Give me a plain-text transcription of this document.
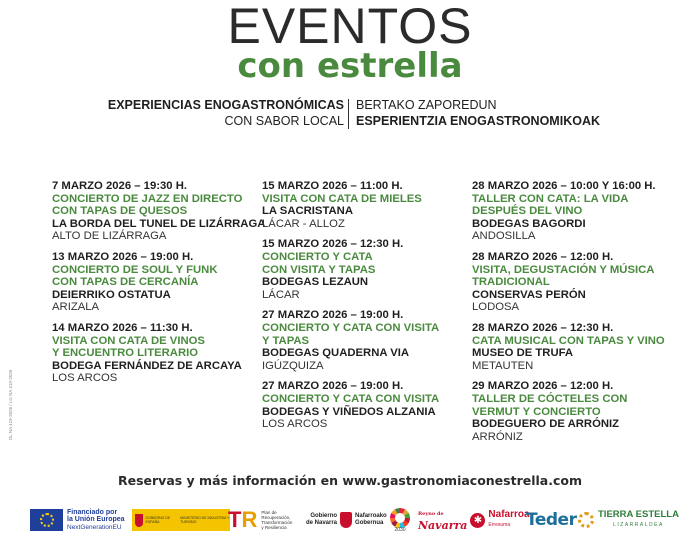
EVENTOS
con estrella
EXPERIENCIAS ENOGASTRONÓMICAS
CON SABOR LOCAL
BERTAKO ZAPOREDUN
ESPERIENTZIA ENOGASTRONOMIKOAK
7 MARZO 2026 – 19:30 H.
CONCIERTO DE JAZZ EN DIRECTO
CON TAPAS DE QUESOS
LA BORDA DEL TUNEL DE LIZÁRRAGA
ALTO DE LIZÁRRAGA
13 MARZO 2026 – 19:00 H.
CONCIERTO DE SOUL Y FUNK
CON TAPAS DE CERCANÍA
DEIERRIKO OSTATUA
ARIZALA
14 MARZO 2026 – 11:30 H.
VISITA CON CATA DE VINOS
Y ENCUENTRO LITERARIO
BODEGA FERNÁNDEZ DE ARCAYA
LOS ARCOS
15 MARZO 2026 – 11:00 H.
VISITA CON CATA DE MIELES
LA SACRISTANA
LÁCAR - ALLOZ
15 MARZO 2026 – 12:30 H.
CONCIERTO Y CATA
CON VISITA Y TAPAS
BODEGAS LEZAUN
LÁCAR
27 MARZO 2026 – 19:00 H.
CONCIERTO Y CATA CON VISITA
Y TAPAS
BODEGAS QUADERNA VIA
IGÚZQUIZA
27 MARZO 2026 – 19:00 H.
CONCIERTO Y CATA CON VISITA
BODEGAS Y VIÑEDOS ALZANIA
LOS ARCOS
28 MARZO 2026 – 10:00 Y 16:00 H.
TALLER CON CATA: LA VIDA
DESPUÉS DEL VINO
BODEGAS BAGORDI
ANDOSILLA
28 MARZO 2026 – 12:00 H.
VISITA, DEGUSTACIÓN Y MÚSICA
TRADICIONAL
CONSERVAS PERÓN
LODOSA
28 MARZO 2026 – 12:30 H.
CATA MUSICAL CON TAPAS Y VINO
MUSEO DE TRUFA
METAUTEN
29 MARZO 2026 – 12:00 H.
TALLER DE CÓCTELES CON
VERMUT Y CONCIERTO
BODEGUERO DE ARRÓNIZ
ARRÓNIZ
DL NA 419-2026 / LG NA 419-2026
Reservas y más información en www.gastronomiaconestrella.com
Financiado por
la Unión Europea
NextGenerationEU
GOBIERNO DE ESPAÑA
MINISTERIO DE INDUSTRIA Y TURISMO	TR Plan de
Recuperación,
Transformación
y Resiliencia
Gobierno
de Navarra
Nafarroako
Gobernua
2030
Reyno de
Navarra ✱ Nafarroa
Erresuma Teder TIERRA ESTELLA
LIZARRALDEA
